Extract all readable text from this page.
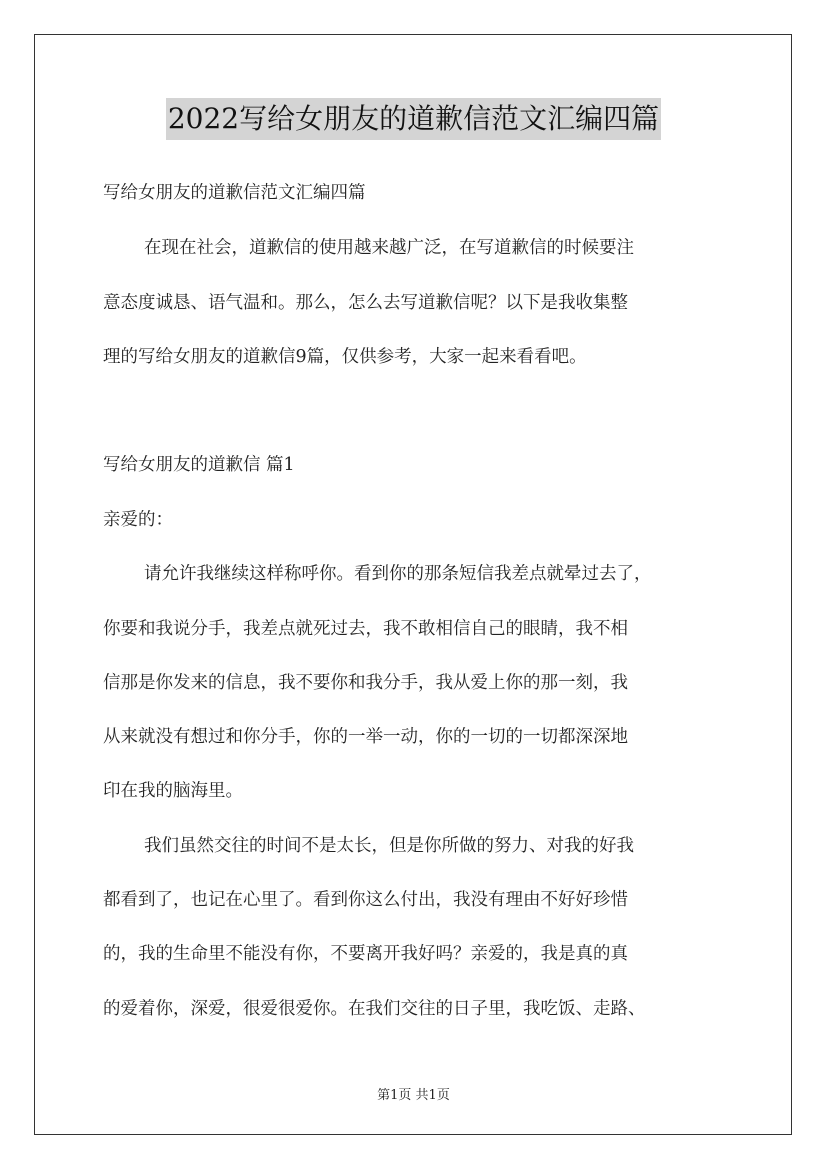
2022写给女朋友的道歉信范文汇编四篇
写给女朋友的道歉信范文汇编四篇
在现在社会，道歉信的使用越来越广泛，在写道歉信的时候要注
意态度诚恳、语气温和。那么，怎么去写道歉信呢？以下是我收集整
理的写给女朋友的道歉信9篇，仅供参考，大家一起来看看吧。
写给女朋友的道歉信 篇1
亲爱的：
请允许我继续这样称呼你。看到你的那条短信我差点就晕过去了，
你要和我说分手，我差点就死过去，我不敢相信自己的眼睛，我不相
信那是你发来的信息，我不要你和我分手，我从爱上你的那一刻，我
从来就没有想过和你分手，你的一举一动，你的一切的一切都深深地
印在我的脑海里。
我们虽然交往的时间不是太长，但是你所做的努力、对我的好我
都看到了，也记在心里了。看到你这么付出，我没有理由不好好珍惜
的，我的生命里不能没有你，不要离开我好吗？亲爱的，我是真的真
的爱着你，深爱，很爱很爱你。在我们交往的日子里，我吃饭、走路、
第1页 共1页
